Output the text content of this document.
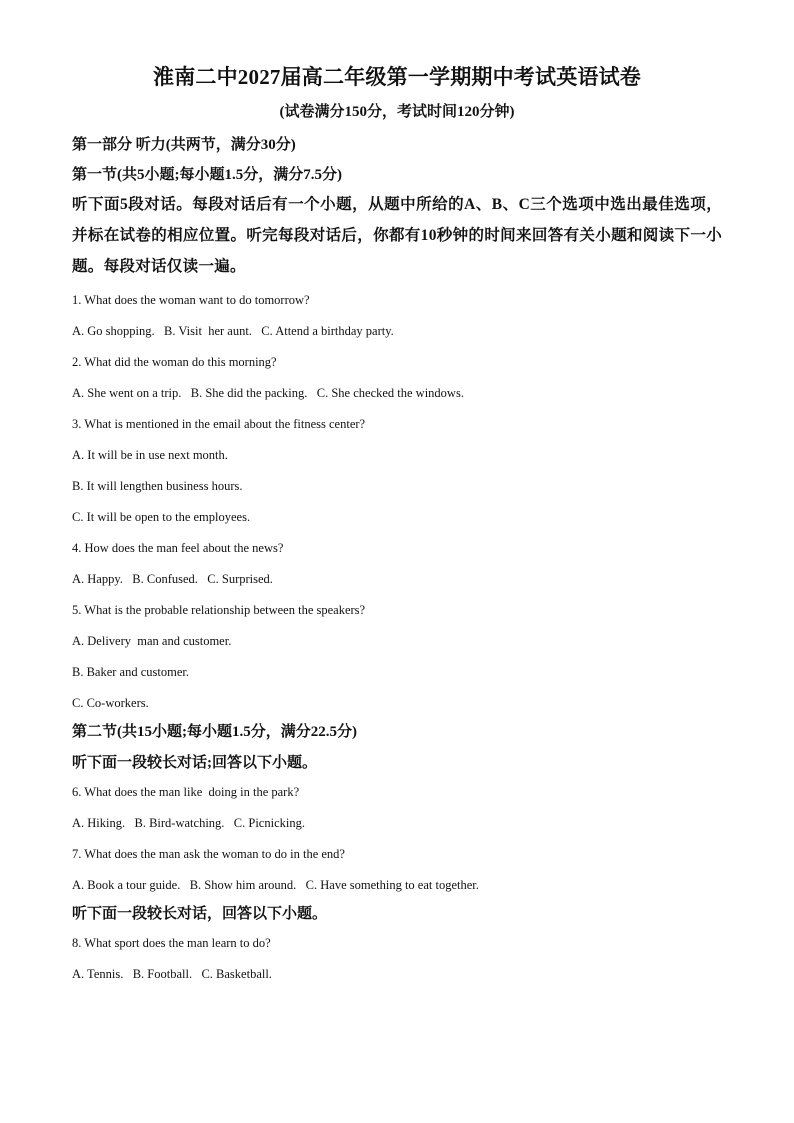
淮南二中2027届高二年级第一学期期中考试英语试卷
(试卷满分150分，考试时间120分钟)
第一部分 听力(共两节，满分30分)
第一节(共5小题;每小题1.5分，满分7.5分)
听下面5段对话。每段对话后有一个小题，从题中所给的A、B、C三个选项中选出最佳选项，并标在试卷的相应位置。听完每段对话后，你都有10秒钟的时间来回答有关小题和阅读下一小题。每段对话仅读一遍。
1. What does the woman want to do tomorrow?
A. Go shopping.   B. Visit  her aunt.   C. Attend a birthday party.
2. What did the woman do this morning?
A. She went on a trip.   B. She did the packing.   C. She checked the windows.
3. What is mentioned in the email about the fitness center?
A. It will be in use next month.
B. It will lengthen business hours.
C. It will be open to the employees.
4. How does the man feel about the news?
A. Happy.   B. Confused.   C. Surprised.
5. What is the probable relationship between the speakers?
A. Delivery  man and customer.
B. Baker and customer.
C. Co-workers.
第二节(共15小题;每小题1.5分，满分22.5分)
听下面一段较长对话;回答以下小题。
6. What does the man like  doing in the park?
A. Hiking.   B. Bird-watching.   C. Picnicking.
7. What does the man ask the woman to do in the end?
A. Book a tour guide.   B. Show him around.   C. Have something to eat together.
听下面一段较长对话，回答以下小题。
8. What sport does the man learn to do?
A. Tennis.   B. Football.   C. Basketball.
